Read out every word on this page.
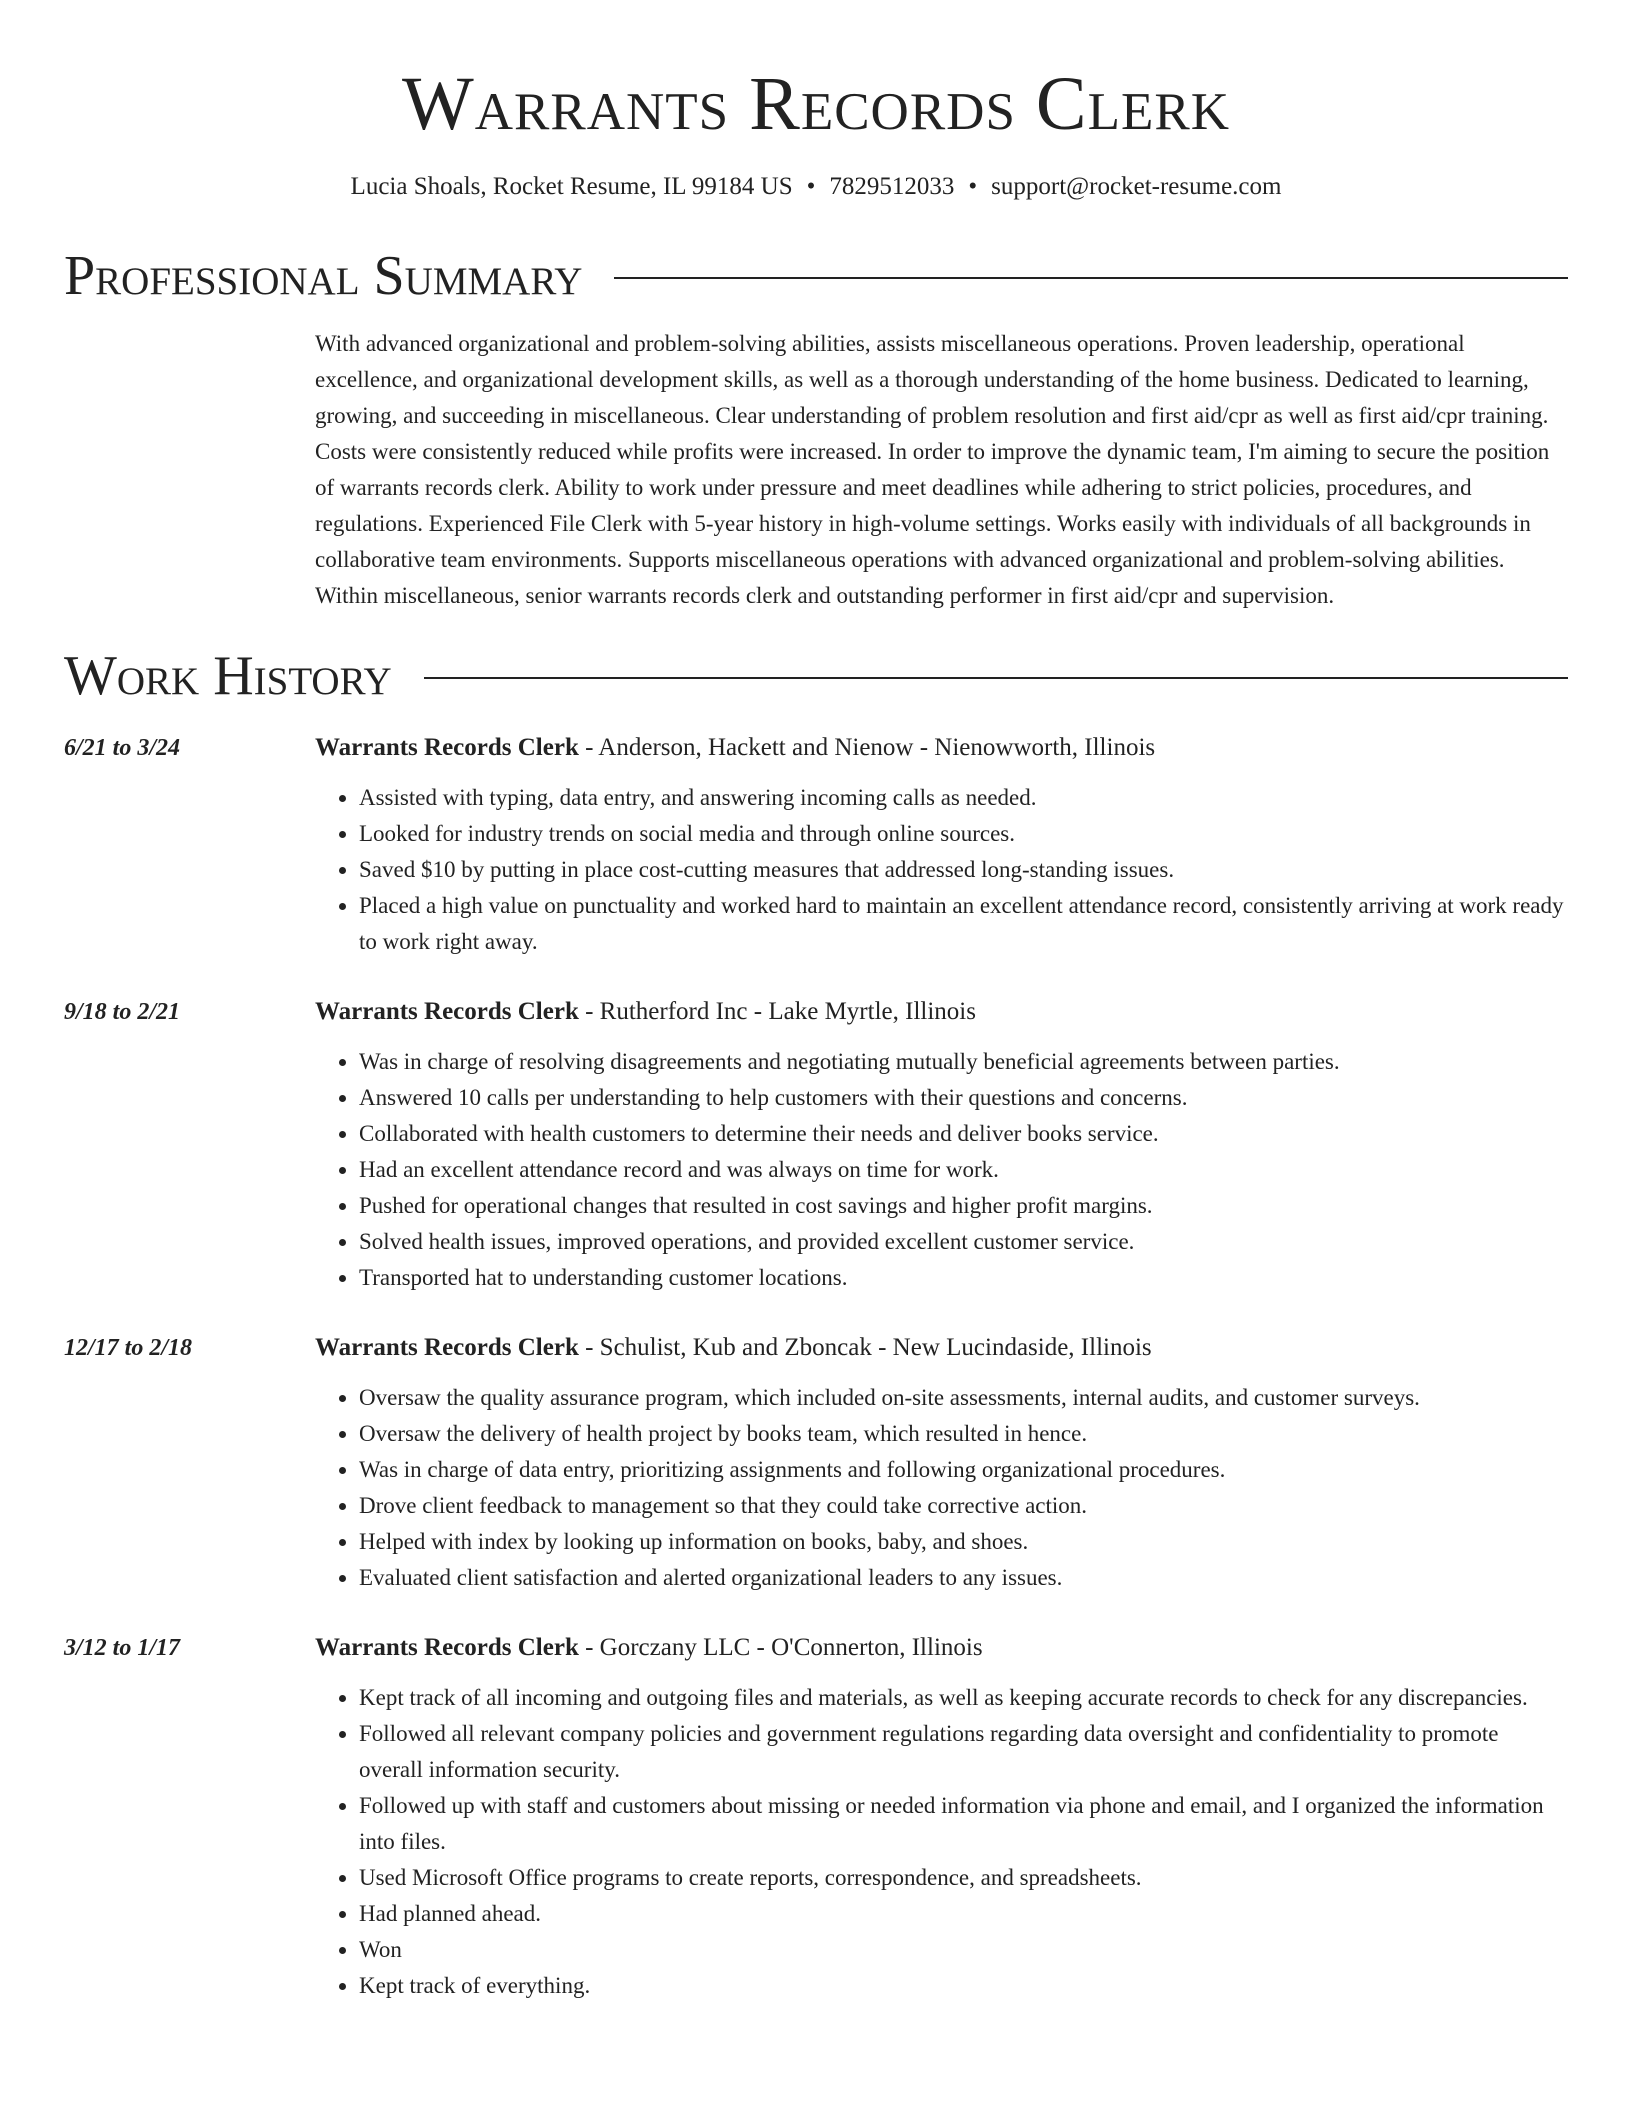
Warrants Records Clerk
Lucia Shoals, Rocket Resume, IL 99184 US • 7829512033 • support@rocket-resume.com
Professional Summary
With advanced organizational and problem-solving abilities, assists miscellaneous operations. Proven leadership, operational excellence, and organizational development skills, as well as a thorough understanding of the home business. Dedicated to learning, growing, and succeeding in miscellaneous. Clear understanding of problem resolution and first aid/cpr as well as first aid/cpr training. Costs were consistently reduced while profits were increased. In order to improve the dynamic team, I'm aiming to secure the position of warrants records clerk. Ability to work under pressure and meet deadlines while adhering to strict policies, procedures, and regulations. Experienced File Clerk with 5-year history in high-volume settings. Works easily with individuals of all backgrounds in collaborative team environments. Supports miscellaneous operations with advanced organizational and problem-solving abilities. Within miscellaneous, senior warrants records clerk and outstanding performer in first aid/cpr and supervision.
Work History
6/21 to 3/24	Warrants Records Clerk - Anderson, Hackett and Nienow - Nienowworth, Illinois
• Assisted with typing, data entry, and answering incoming calls as needed.
• Looked for industry trends on social media and through online sources.
• Saved $10 by putting in place cost-cutting measures that addressed long-standing issues.
• Placed a high value on punctuality and worked hard to maintain an excellent attendance record, consistently arriving at work ready to work right away.
9/18 to 2/21	Warrants Records Clerk - Rutherford Inc - Lake Myrtle, Illinois
• Was in charge of resolving disagreements and negotiating mutually beneficial agreements between parties.
• Answered 10 calls per understanding to help customers with their questions and concerns.
• Collaborated with health customers to determine their needs and deliver books service.
• Had an excellent attendance record and was always on time for work.
• Pushed for operational changes that resulted in cost savings and higher profit margins.
• Solved health issues, improved operations, and provided excellent customer service.
• Transported hat to understanding customer locations.
12/17 to 2/18	Warrants Records Clerk - Schulist, Kub and Zboncak - New Lucindaside, Illinois
• Oversaw the quality assurance program, which included on-site assessments, internal audits, and customer surveys.
• Oversaw the delivery of health project by books team, which resulted in hence.
• Was in charge of data entry, prioritizing assignments and following organizational procedures.
• Drove client feedback to management so that they could take corrective action.
• Helped with index by looking up information on books, baby, and shoes.
• Evaluated client satisfaction and alerted organizational leaders to any issues.
3/12 to 1/17	Warrants Records Clerk - Gorczany LLC - O'Connerton, Illinois
• Kept track of all incoming and outgoing files and materials, as well as keeping accurate records to check for any discrepancies.
• Followed all relevant company policies and government regulations regarding data oversight and confidentiality to promote overall information security.
• Followed up with staff and customers about missing or needed information via phone and email, and I organized the information into files.
• Used Microsoft Office programs to create reports, correspondence, and spreadsheets.
• Had planned ahead.
• Won
• Kept track of everything.
